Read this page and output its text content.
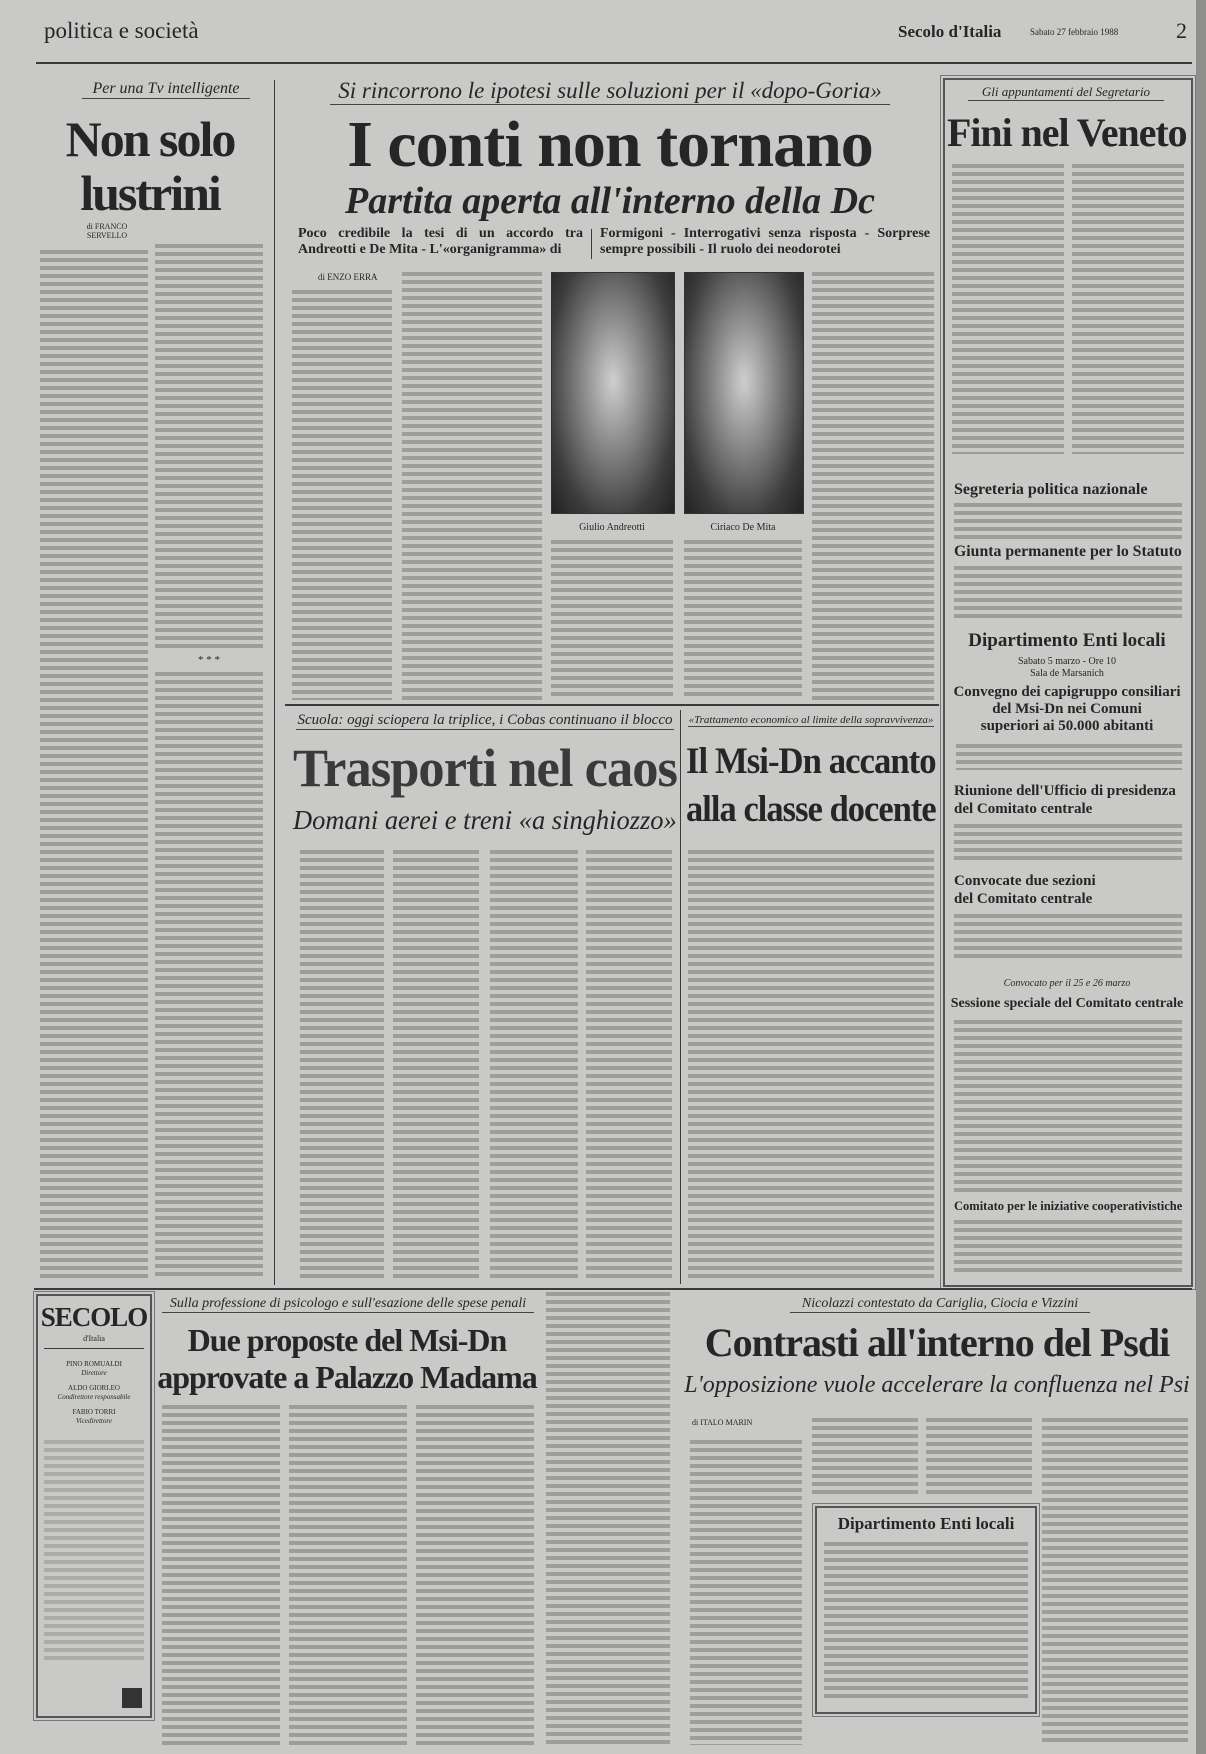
politica e società	Secolo d'Italia	Sabato 27 febbraio 1988	2
Per una Tv intelligente
Non solo
lustrini
di FRANCO
SERVELLO
* * *
Si rincorrono le ipotesi sulle soluzioni per il «dopo-Goria»
I conti non tornano
Partita aperta all'interno della Dc
Poco credibile la tesi di un accordo tra Andreotti e De Mita - L'«organigramma» di
Formigoni - Interrogativi senza risposta - Sorprese sempre possibili - Il ruolo dei neodorotei
di ENZO ERRA
Giulio Andreotti	Ciriaco De Mita
Gli appuntamenti del Segretario
Fini nel Veneto
Segreteria politica nazionale
Giunta permanente per lo Statuto
Dipartimento Enti locali
Sabato 5 marzo - Ore 10
Sala de Marsanich
Convegno dei capigruppo consiliari
del Msi-Dn nei Comuni
superiori ai 50.000 abitanti
Riunione dell'Ufficio di presidenza
del Comitato centrale
Convocate due sezioni
del Comitato centrale
Convocato per il 25 e 26 marzo
Sessione speciale del Comitato centrale
Comitato per le iniziative cooperativistiche
Scuola: oggi sciopera la triplice, i Cobas continuano il blocco
Trasporti nel caos
Domani aerei e treni «a singhiozzo»
«Trattamento economico al limite della sopravvivenza»
Il Msi-Dn accanto
alla classe docente
SECOLO
d'Italia
PINO ROMUALDI
Direttore
ALDO GIORLEO
Condirettore responsabile
FABIO TORRI
Vicedirettore
Sulla professione di psicologo e sull'esazione delle spese penali
Due proposte del Msi-Dn
approvate a Palazzo Madama
Nicolazzi contestato da Cariglia, Ciocia e Vizzini
Contrasti all'interno del Psdi
L'opposizione vuole accelerare la confluenza nel Psi
di ITALO MARIN
Dipartimento Enti locali
